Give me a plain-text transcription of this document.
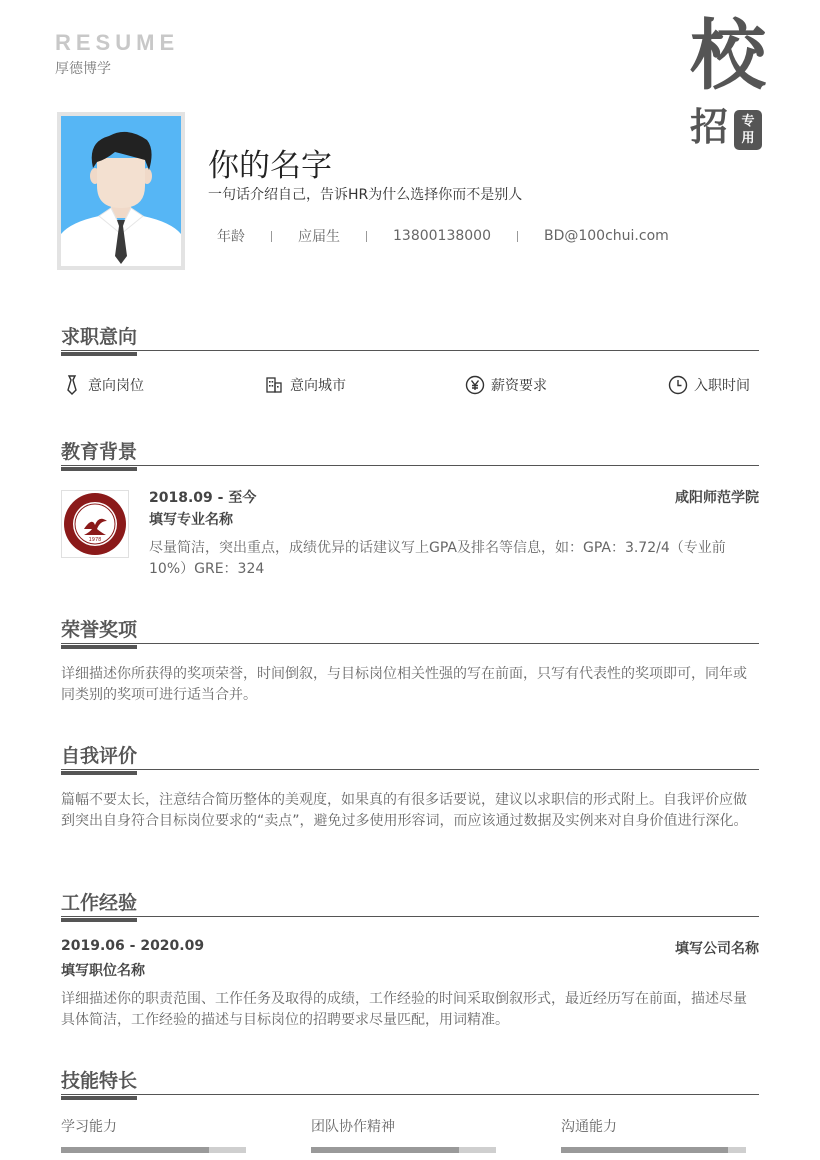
RESUME
厚德博学	校
招	专
用
你的名字
一句话介绍自己，告诉HR为什么选择你而不是别人
年龄	应届生	13800138000	BD@100chui.com
求职意向
意向岗位	意向城市	薪资要求	入职时间
教育背景
1978
2018.09 - 至今	咸阳师范学院
填写专业名称
尽量简洁，突出重点，成绩优异的话建议写上GPA及排名等信息，如：GPA：3.72/4（专业前10%）GRE：324
荣誉奖项
详细描述你所获得的奖项荣誉，时间倒叙，与目标岗位相关性强的写在前面，只写有代表性的奖项即可，同年或同类别的奖项可进行适当合并。
自我评价
篇幅不要太长，注意结合简历整体的美观度，如果真的有很多话要说，建议以求职信的形式附上。自我评价应做到突出自身符合目标岗位要求的“卖点”，避免过多使用形容词，而应该通过数据及实例来对自身价值进行深化。
工作经验
2019.06 - 2020.09	填写公司名称
填写职位名称
详细描述你的职责范围、工作任务及取得的成绩，工作经验的时间采取倒叙形式，最近经历写在前面，描述尽量具体简洁，工作经验的描述与目标岗位的招聘要求尽量匹配，用词精准。
技能特长
学习能力	团队协作精神	沟通能力
